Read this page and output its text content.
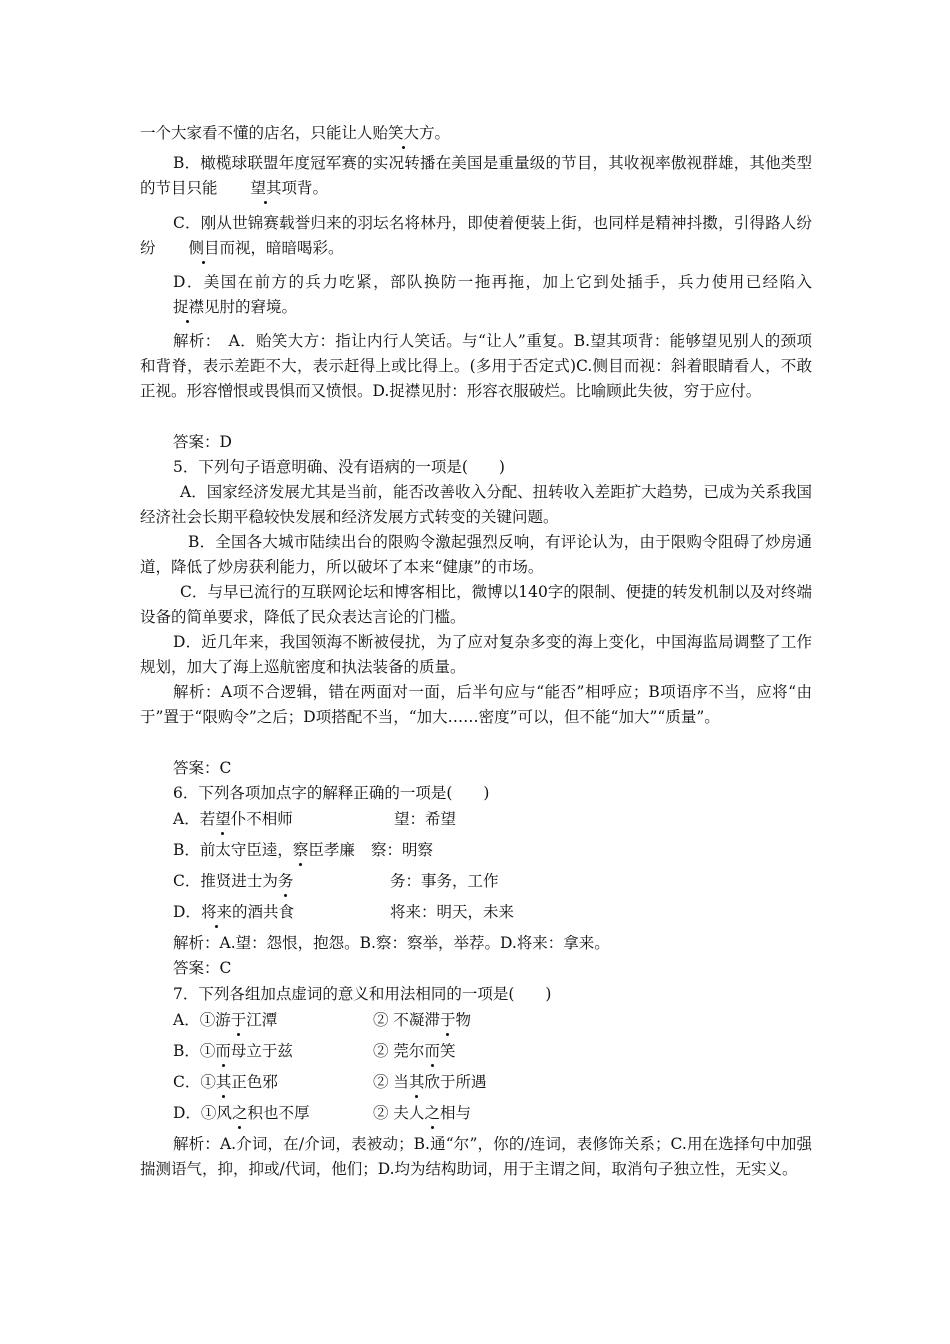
一个大家看不懂的店名，只能让人贻笑大方。

B．橄榄球联盟年度冠军赛的实况转播在美国是重量级的节目，其收视率傲视群雄，其他类型的节目只能 望其项背。

C．刚从世锦赛载誉归来的羽坛名将林丹，即使着便装上街，也同样是精神抖擞，引得路人纷纷 侧目而视，暗暗喝彩。

D．美国在前方的兵力吃紧，部队换防一拖再拖，加上它到处插手，兵力使用已经陷入捉襟见肘的窘境。

解析：　A．贻笑大方：指让内行人笑话。与“让人”重复。B.望其项背：能够望见别人的颈项和背脊，表示差距不大，表示赶得上或比得上。(多用于否定式)C.侧目而视：斜着眼睛看人，不敢正视。形容憎恨或畏惧而又愤恨。D.捉襟见肘：形容衣服破烂。比喻顾此失彼，穷于应付。

答案：D

5．下列句子语意明确、没有语病的一项是(　　)

A．国家经济发展尤其是当前，能否改善收入分配、扭转收入差距扩大趋势，已成为关系我国经济社会长期平稳较快发展和经济发展方式转变的关键问题。

B．全国各大城市陆续出台的限购令激起强烈反响，有评论认为，由于限购令阻碍了炒房通道，降低了炒房获利能力，所以破坏了本来“健康”的市场。

C．与早已流行的互联网论坛和博客相比，微博以140字的限制、便捷的转发机制以及对终端设备的简单要求，降低了民众表达言论的门槛。

D．近几年来，我国领海不断被侵扰，为了应对复杂多变的海上变化，中国海监局调整了工作规划，加大了海上巡航密度和执法装备的质量。

解析：A项不合逻辑，错在两面对一面，后半句应与“能否”相呼应；B项语序不当，应将“由于”置于“限购令”之后；D项搭配不当，“加大……密度”可以，但不能“加大”“质量”。

答案：C

6．下列各项加点字的解释正确的一项是(　　)

A．若望仆不相师	望：希望
B．前太守臣逵，察臣孝廉 察：明察
C．推贤进士为务	务：事务，工作
D．将来的酒共食	将来：明天，未来

解析：A.望：怨恨，抱怨。B.察：察举，举荐。D.将来：拿来。

答案：C

7．下列各组加点虚词的意义和用法相同的一项是(　　)

A．①游于江潭	② 不凝滞于物
B．①而母立于兹	② 莞尔而笑
C．①其正色邪	② 当其欣于所遇
D．①风之积也不厚	② 夫人之相与

解析：A.介词，在/介词，表被动；B.通“尔”，你的/连词，表修饰关系；C.用在选择句中加强揣测语气，抑，抑或/代词，他们；D.均为结构助词，用于主谓之间，取消句子独立性，无实义。
